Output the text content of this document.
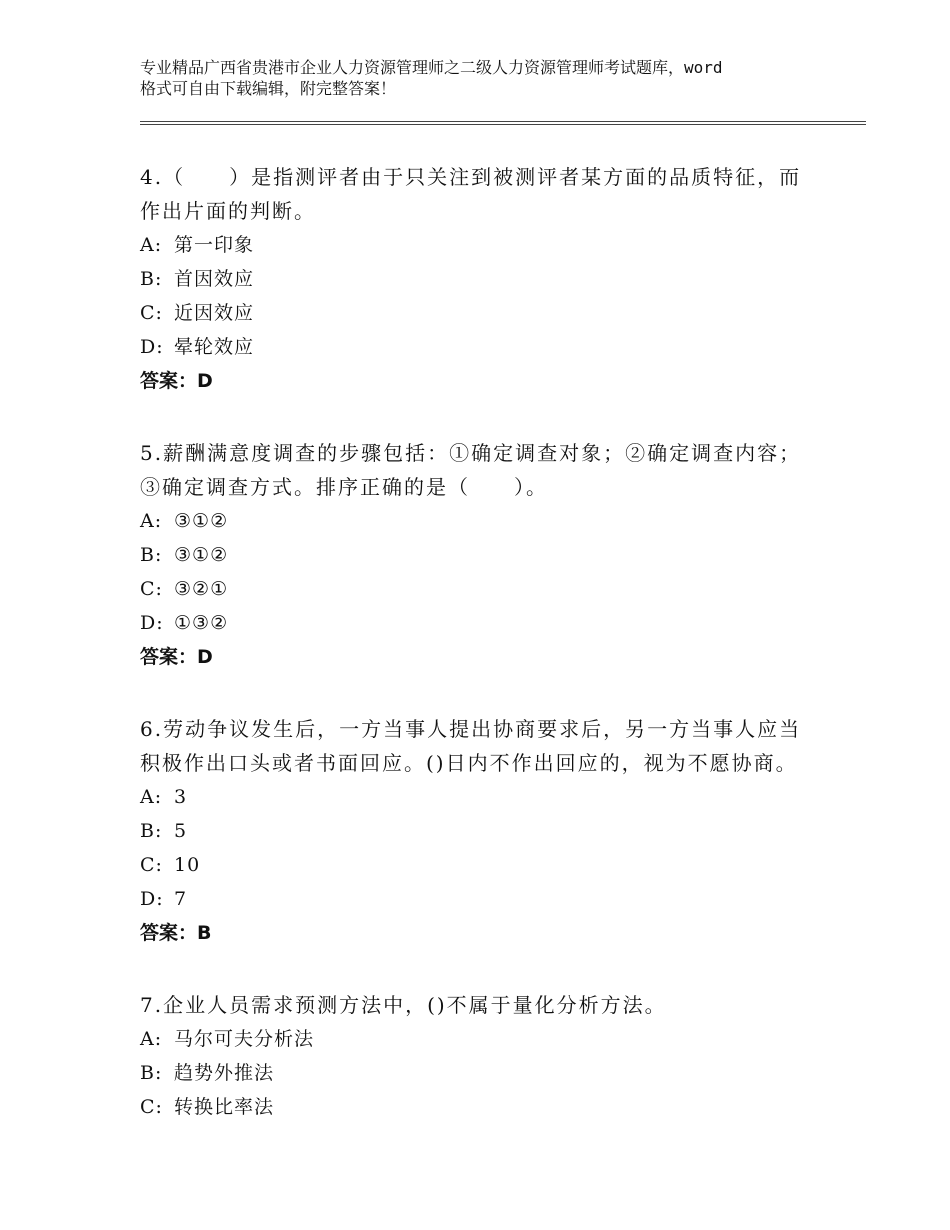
专业精品广西省贵港市企业人力资源管理师之二级人力资源管理师考试题库，word
格式可自由下载编辑，附完整答案！

4.（　　）是指测评者由于只关注到被测评者某方面的品质特征，而
作出片面的判断。

A: 第一印象
B: 首因效应
C: 近因效应
D: 晕轮效应
答案：D

5.薪酬满意度调查的步骤包括：①确定调查对象；②确定调查内容；
③确定调查方式。排序正确的是（　　）。

A: ③①②
B: ③①②
C: ③②①
D: ①③②
答案：D

6.劳动争议发生后，一方当事人提出协商要求后，另一方当事人应当
积极作出口头或者书面回应。()日内不作出回应的，视为不愿协商。

A: 3
B: 5
C: 10
D: 7
答案：B

7.企业人员需求预测方法中，()不属于量化分析方法。

A: 马尔可夫分析法
B: 趋势外推法
C: 转换比率法
